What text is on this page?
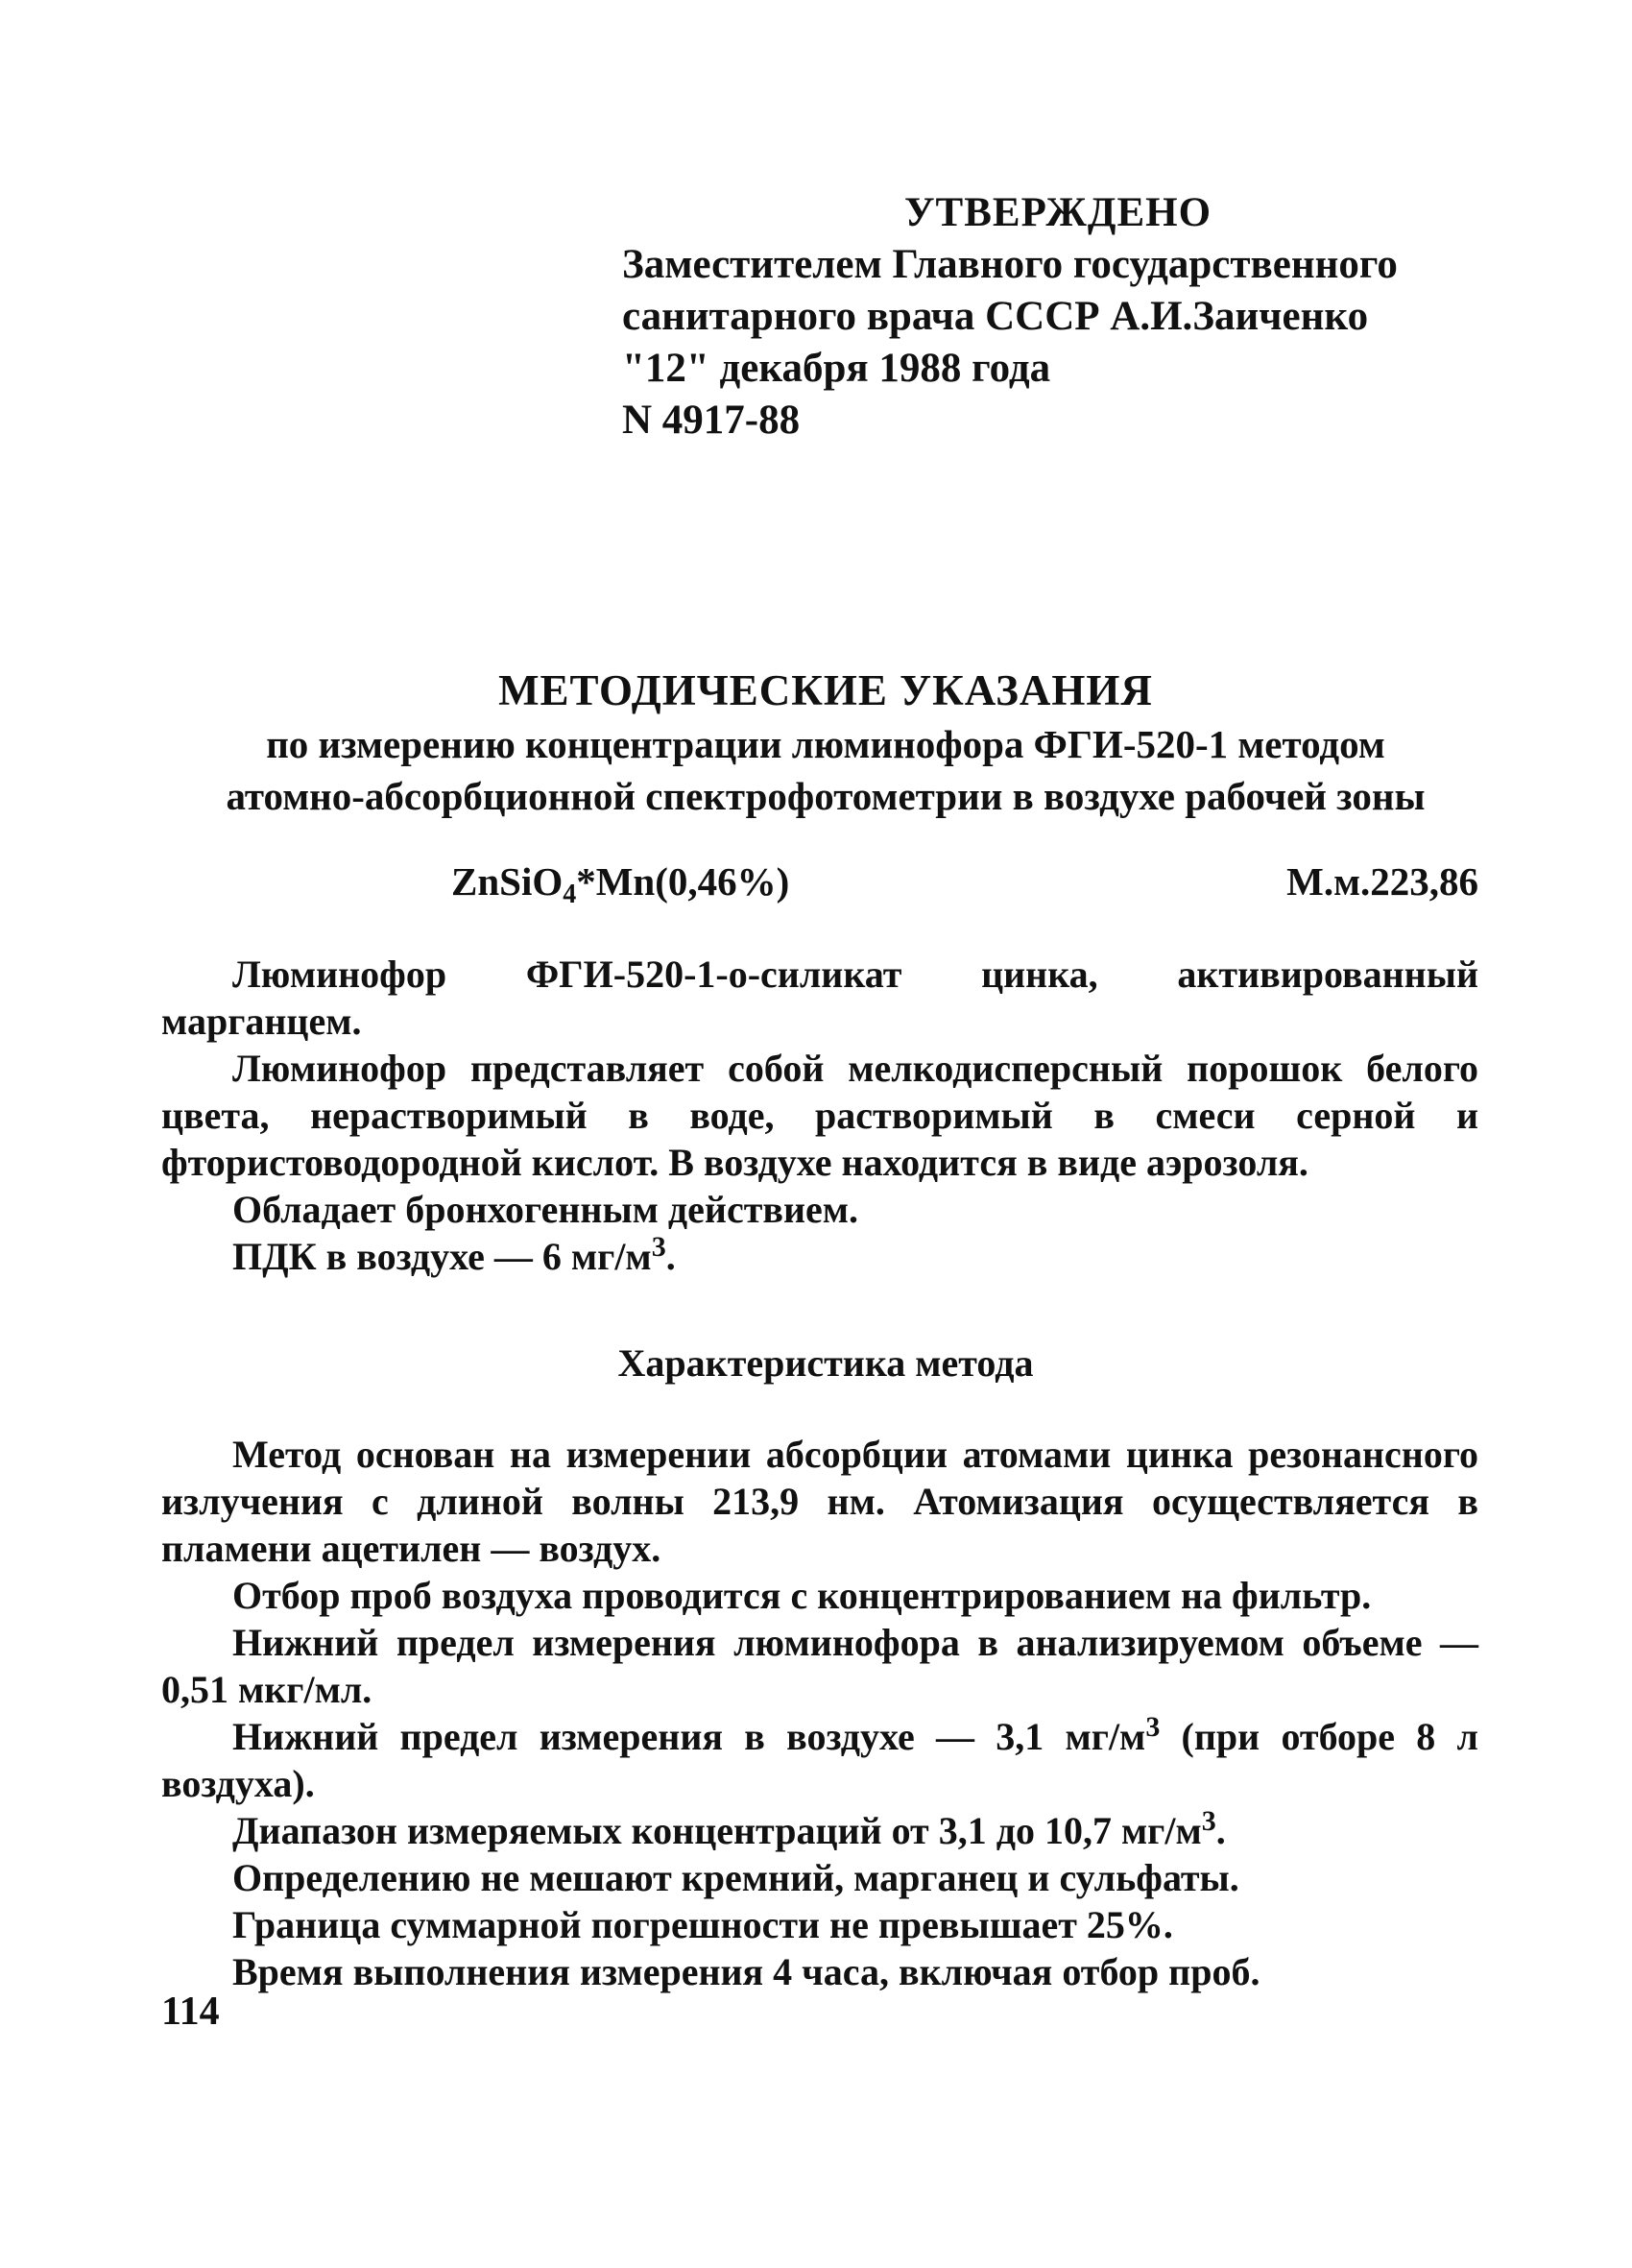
УТВЕРЖДЕНО
Заместителем Главного государственного
санитарного врача СССР А.И.Заиченко
"12" декабря 1988 года
N 4917-88
МЕТОДИЧЕСКИЕ УКАЗАНИЯ
по измерению концентрации люминофора ФГИ-520-1 методом
атомно-абсорбционной спектрофотометрии в воздухе рабочей зоны
ZnSiO$_4$*Mn(0,46%)	М.м.223,86

Люминофор ФГИ-520-1-о-силикат цинка, активированный марганцем.

Люминофор представляет собой мелкодисперсный порошок белого цвета, нерастворимый в воде, растворимый в смеси серной и фтористоводородной кислот. В воздухе находится в виде аэрозоля.

Обладает бронхогенным действием.

ПДК в воздухе — 6 $мг/м^3$.

Характеристика метода

Метод основан на измерении абсорбции атомами цинка резонансного излучения с длиной волны 213,9 нм. Атомизация осуществляется в пламени ацетилен — воздух.

Отбор проб воздуха проводится с концентрированием на фильтр.

Нижний предел измерения люминофора в анализируемом объеме — 0,51 мкг/мл.

Нижний предел измерения в воздухе — 3,1 $мг/м^3$ (при отборе 8 л воздуха).

Диапазон измеряемых концентраций от 3,1 до 10,7 $мг/м^3$.

Определению не мешают кремний, марганец и сульфаты.

Граница суммарной погрешности не превышает 25%.

Время выполнения измерения 4 часа, включая отбор проб.

114
